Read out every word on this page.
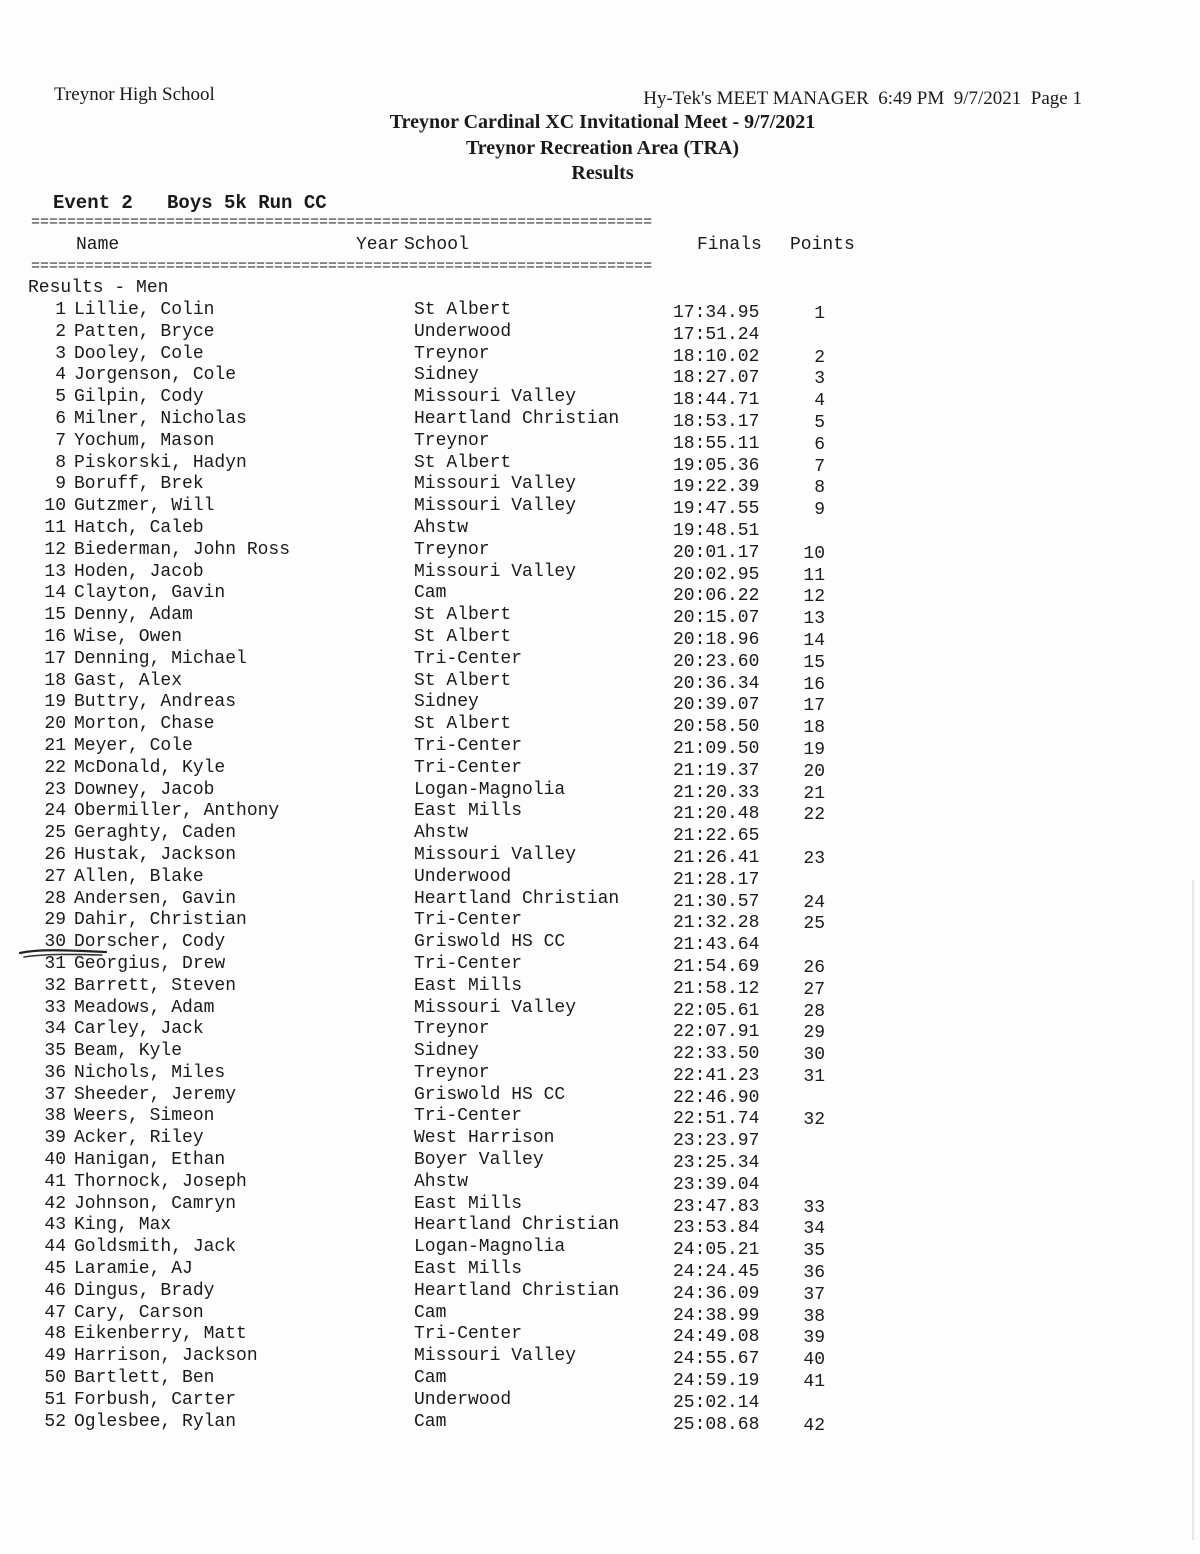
Treynor High School	Hy-Tek's MEET MANAGER  6:49 PM  9/7/2021  Page 1
Treynor Cardinal XC Invitational Meet - 9/7/2021
Treynor Recreation Area (TRA)
Results
Event 2   Boys 5k Run CC
=====================================================================
Name	Year School	Finals Points
=====================================================================
Results - Men
1 Lillie, Colin	St Albert	17:34.95	1
2 Patten, Bryce	Underwood	17:51.24
3 Dooley, Cole	Treynor	18:10.02	2
4 Jorgenson, Cole	Sidney	18:27.07	3
5 Gilpin, Cody	Missouri Valley	18:44.71	4
6 Milner, Nicholas	Heartland Christian	18:53.17	5
7 Yochum, Mason	Treynor	18:55.11	6
8 Piskorski, Hadyn	St Albert	19:05.36	7
9 Boruff, Brek	Missouri Valley	19:22.39	8
10 Gutzmer, Will	Missouri Valley	19:47.55	9
11 Hatch, Caleb	Ahstw	19:48.51
12 Biederman, John Ross	Treynor	20:01.17	10
13 Hoden, Jacob	Missouri Valley	20:02.95	11
14 Clayton, Gavin	Cam	20:06.22	12
15 Denny, Adam	St Albert	20:15.07	13
16 Wise, Owen	St Albert	20:18.96	14
17 Denning, Michael	Tri-Center	20:23.60	15
18 Gast, Alex	St Albert	20:36.34	16
19 Buttry, Andreas	Sidney	20:39.07	17
20 Morton, Chase	St Albert	20:58.50	18
21 Meyer, Cole	Tri-Center	21:09.50	19
22 McDonald, Kyle	Tri-Center	21:19.37	20
23 Downey, Jacob	Logan-Magnolia	21:20.33	21
24 Obermiller, Anthony	East Mills	21:20.48	22
25 Geraghty, Caden	Ahstw	21:22.65
26 Hustak, Jackson	Missouri Valley	21:26.41	23
27 Allen, Blake	Underwood	21:28.17
28 Andersen, Gavin	Heartland Christian	21:30.57	24
29 Dahir, Christian	Tri-Center	21:32.28	25
30 Dorscher, Cody	Griswold HS CC	21:43.64
31 Georgius, Drew	Tri-Center	21:54.69	26
32 Barrett, Steven	East Mills	21:58.12	27
33 Meadows, Adam	Missouri Valley	22:05.61	28
34 Carley, Jack	Treynor	22:07.91	29
35 Beam, Kyle	Sidney	22:33.50	30
36 Nichols, Miles	Treynor	22:41.23	31
37 Sheeder, Jeremy	Griswold HS CC	22:46.90
38 Weers, Simeon	Tri-Center	22:51.74	32
39 Acker, Riley	West Harrison	23:23.97
40 Hanigan, Ethan	Boyer Valley	23:25.34
41 Thornock, Joseph	Ahstw	23:39.04
42 Johnson, Camryn	East Mills	23:47.83	33
43 King, Max	Heartland Christian	23:53.84	34
44 Goldsmith, Jack	Logan-Magnolia	24:05.21	35
45 Laramie, AJ	East Mills	24:24.45	36
46 Dingus, Brady	Heartland Christian	24:36.09	37
47 Cary, Carson	Cam	24:38.99	38
48 Eikenberry, Matt	Tri-Center	24:49.08	39
49 Harrison, Jackson	Missouri Valley	24:55.67	40
50 Bartlett, Ben	Cam	24:59.19	41
51 Forbush, Carter	Underwood	25:02.14
52 Oglesbee, Rylan	Cam	25:08.68	42
